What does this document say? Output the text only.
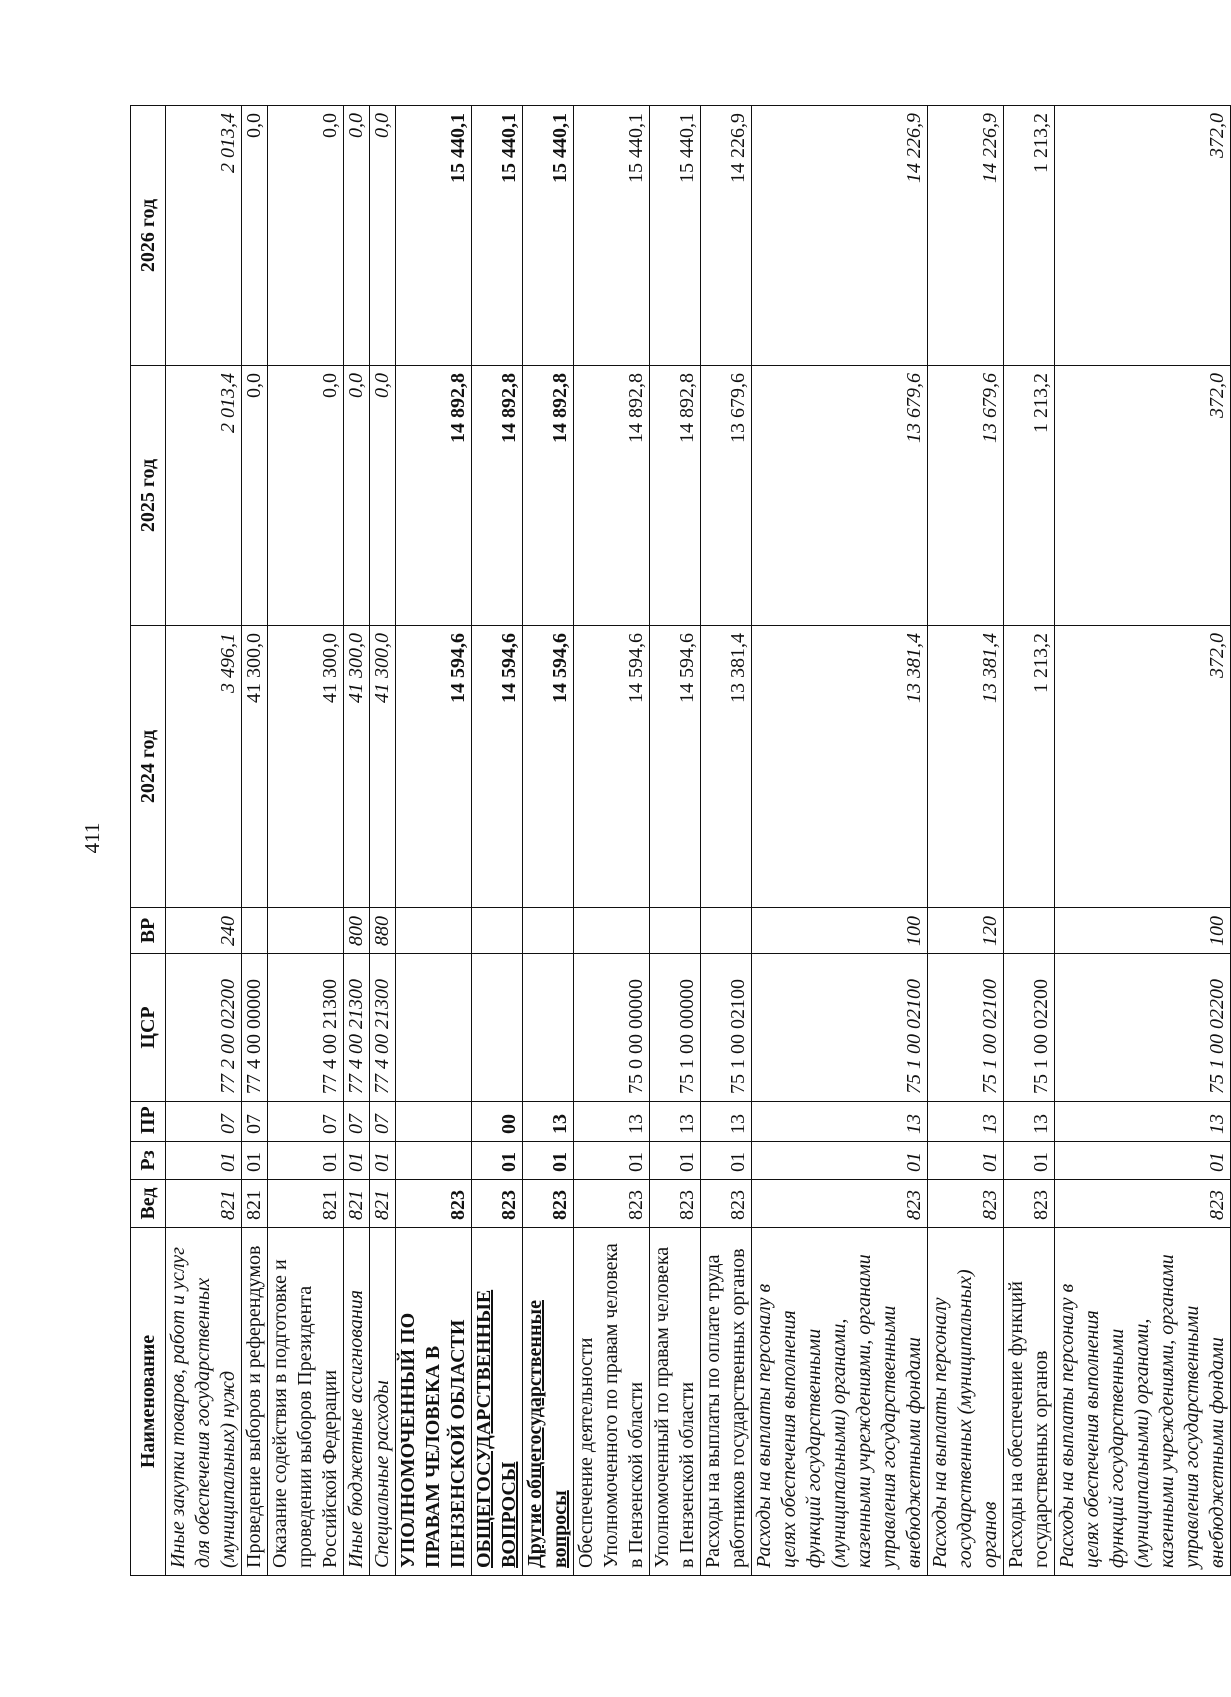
411
Наименование	Вед	Рз	ПР	ЦСР	ВР	2024 год	2025 год	2026 год
Иные закупки товаров, работ и услуг для обеспечения государственных (муниципальных) нужд	821	01	07	77 2 00 02200	240	3 496,1	2 013,4	2 013,4
Проведение выборов и референдумов	821	01	07	77 4 00 00000		41 300,0	0,0	0,0
Оказание содействия в подготовке и проведении выборов Президента Российской Федерации	821	01	07	77 4 00 21300		41 300,0	0,0	0,0
Иные бюджетные ассигнования	821	01	07	77 4 00 21300	800	41 300,0	0,0	0,0
Специальные расходы	821	01	07	77 4 00 21300	880	41 300,0	0,0	0,0
УПОЛНОМОЧЕННЫЙ ПО ПРАВАМ ЧЕЛОВЕКА В ПЕНЗЕНСКОЙ ОБЛАСТИ	823					14 594,6	14 892,8	15 440,1
ОБЩЕГОСУДАРСТВЕННЫЕ ВОПРОСЫ	823	01	00			14 594,6	14 892,8	15 440,1
Другие общегосударственные вопросы	823	01	13			14 594,6	14 892,8	15 440,1
Обеспечение деятельности Уполномоченного по правам человека в Пензенской области	823	01	13	75 0 00 00000		14 594,6	14 892,8	15 440,1
Уполномоченный по правам человека в Пензенской области	823	01	13	75 1 00 00000		14 594,6	14 892,8	15 440,1
Расходы на выплаты по оплате труда работников государственных органов	823	01	13	75 1 00 02100		13 381,4	13 679,6	14 226,9
Расходы на выплаты персоналу в целях обеспечения выполнения функций государственными (муниципальными) органами, казенными учреждениями, органами управления государственными внебюджетными фондами	823	01	13	75 1 00 02100	100	13 381,4	13 679,6	14 226,9
Расходы на выплаты персоналу государственных (муниципальных) органов	823	01	13	75 1 00 02100	120	13 381,4	13 679,6	14 226,9
Расходы на обеспечение функций государственных органов	823	01	13	75 1 00 02200		1 213,2	1 213,2	1 213,2
Расходы на выплаты персоналу в целях обеспечения выполнения функций государственными (муниципальными) органами, казенными учреждениями, органами управления государственными внебюджетными фондами	823	01	13	75 1 00 02200	100	372,0	372,0	372,0
